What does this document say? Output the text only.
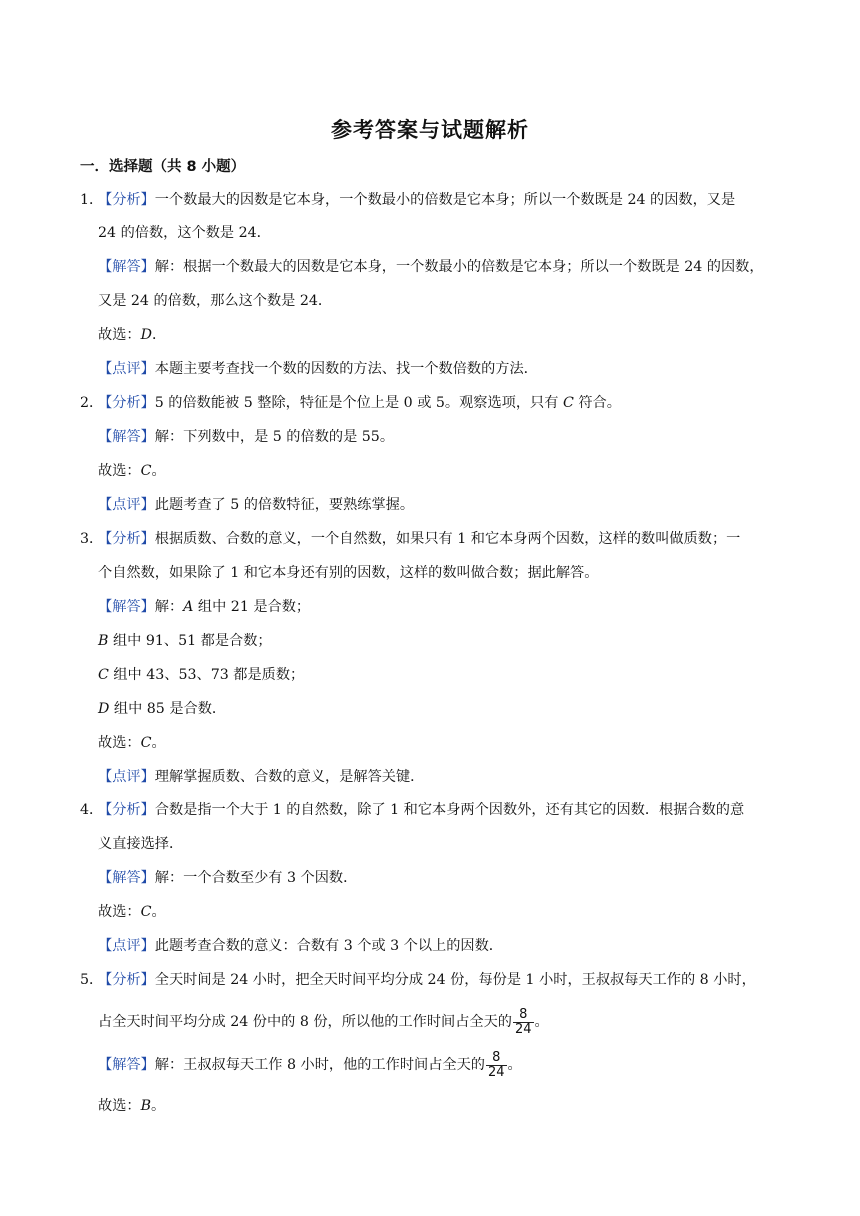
参考答案与试题解析
一．选择题（共 8 小题）
1．
【分析】一个数最大的因数是它本身，一个数最小的倍数是它本身；所以一个数既是 24 的因数，又是
24 的倍数，这个数是 24．
【解答】解：根据一个数最大的因数是它本身，一个数最小的倍数是它本身；所以一个数既是 24 的因数，
又是 24 的倍数，那么这个数是 24．
故选：D．
【点评】本题主要考查找一个数的因数的方法、找一个数倍数的方法．
2．
【分析】5 的倍数能被 5 整除，特征是个位上是 0 或 5。观察选项，只有 C 符合。
【解答】解：下列数中，是 5 的倍数的是 55。
故选：C。
【点评】此题考查了 5 的倍数特征，要熟练掌握。
3．
【分析】根据质数、合数的意义，一个自然数，如果只有 1 和它本身两个因数，这样的数叫做质数；一
个自然数，如果除了 1 和它本身还有别的因数，这样的数叫做合数；据此解答。
【解答】解：A 组中 21 是合数；
B 组中 91、51 都是合数；
C 组中 43、53、73 都是质数；
D 组中 85 是合数．
故选：C。
【点评】理解掌握质数、合数的意义，是解答关键．
4．
【分析】合数是指一个大于 1 的自然数，除了 1 和它本身两个因数外，还有其它的因数．根据合数的意
义直接选择．
【解答】解：一个合数至少有 3 个因数．
故选：C。
【点评】此题考查合数的意义：合数有 3 个或 3 个以上的因数．
5．
【分析】全天时间是 24 小时，把全天时间平均分成 24 份，每份是 1 小时，王叔叔每天工作的 8 小时，
占全天时间平均分成 24 份中的 8 份，所以他的工作时间占全天的 $\frac{8}{24}$ 。
【解答】解：王叔叔每天工作 8 小时，他的工作时间占全天的 $\frac{8}{24}$ 。
故选：B。
